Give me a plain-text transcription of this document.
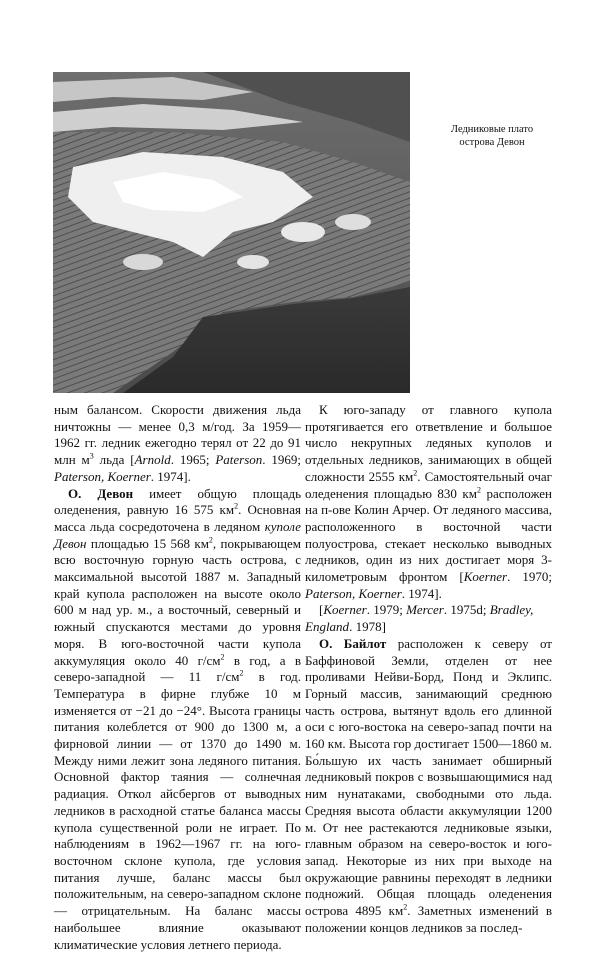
Ледниковые плато
острова Девон

ным балансом. Скорости движения льда ничтожны — менее 0,3 м/год. За 1959—1962 гг. ледник ежегодно терял от 22 до 91 млн $м^3$ льда [Arnold. 1965; Paterson. 1969; Paterson, Koerner. 1974].

О. Девон имеет общую площадь оледенения, равную 16 575 $км^2$. Основная масса льда сосредоточена в ледяном куполе Девон площадью 15 568 $км^2$, покрывающем всю восточную горную часть острова, с максимальной высотой 1887 м. Западный край купола расположен на высоте около 600 м над ур. м., а восточный, северный и южный спускаются местами до уровня моря. В юго-восточной части купола аккумуляция около 40 $г/см^2$ в год, а в северо-западной — 11 $г/см^2$ в год. Температура в фирне глубже 10 м изменяется от −21 до −24°. Высота границы питания колеблется от 900 до 1300 м, а фирновой линии — от 1370 до 1490 м. Между ними лежит зона ледяного питания. Основной фактор таяния — солнечная радиация. Откол айсбергов от выводных ледников в расходной статье баланса массы купола существенной роли не играет. По наблюдениям в 1962—1967 гг. на юго-восточном склоне купола, где условия питания лучше, баланс массы был положительным, на северо-западном склоне — отрицательным. На баланс массы наибольшее влияние оказывают климатические условия летнего периода.

К юго-западу от главного купола протягивается его ответвление и большое число некрупных ледяных куполов и отдельных ледников, занимающих в общей сложности 2555 $км^2$. Самостоятельный очаг оледенения площадью 830 $км^2$ расположен на п-ове Колин Арчер. От ледяного массива, расположенного в восточной части полуострова, стекает несколько выводных ледников, один из них достигает моря 3-километровым фронтом [Koerner. 1970; Paterson, Koerner. 1974].

[Koerner. 1979; Mercer. 1975d; Bradley, England. 1978]

О. Байлот расположен к северу от Баффиновой Земли, отделен от нее проливами Нейви-Борд, Понд и Эклипс. Горный массив, занимающий среднюю часть острова, вытянут вдоль его длинной оси с юго-востока на северо-запад почти на 160 км. Высота гор достигает 1500—1860 м. Бо́льшую их часть занимает обширный ледниковый покров с возвышающимися над ним нунатаками, свободными ото льда. Средняя высота области аккумуляции 1200 м. От нее растекаются ледниковые языки, главным образом на северо-восток и юго-запад. Некоторые из них при выходе на окружающие равнины переходят в ледники подножий. Общая площадь оледенения острова 4895 $км^2$. Заметных изменений в положении концов ледников за послед-
